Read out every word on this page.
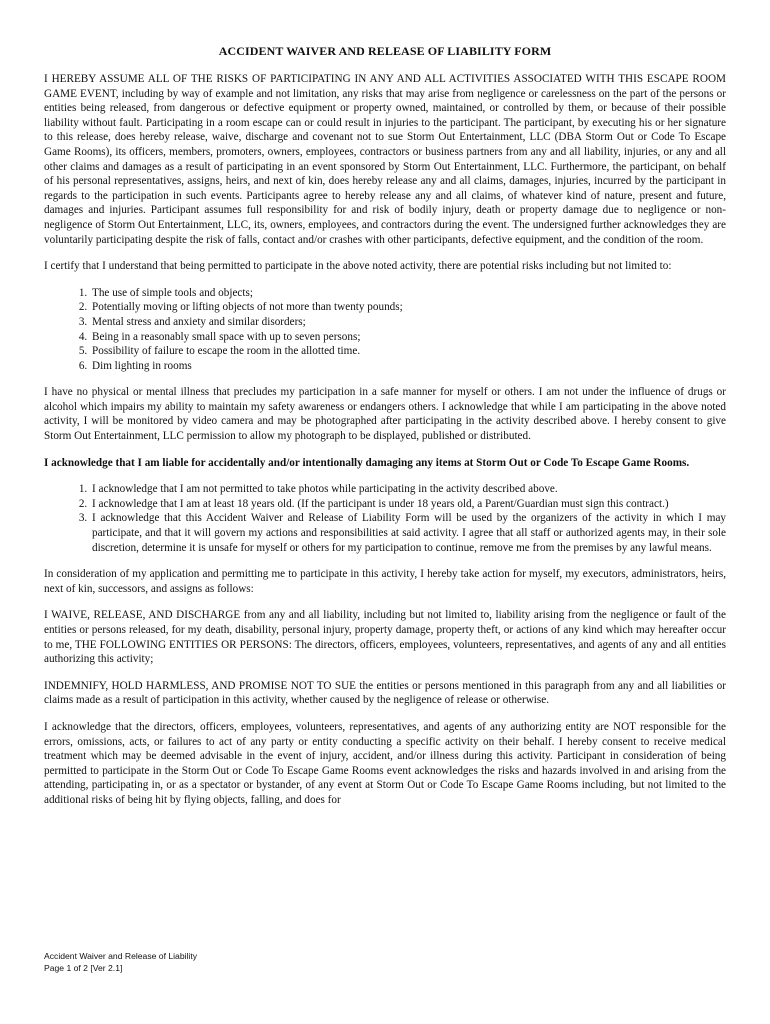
ACCIDENT WAIVER AND RELEASE OF LIABILITY FORM

I HEREBY ASSUME ALL OF THE RISKS OF PARTICIPATING IN ANY AND ALL ACTIVITIES ASSOCIATED WITH THIS ESCAPE ROOM GAME EVENT, including by way of example and not limitation, any risks that may arise from negligence or carelessness on the part of the persons or entities being released, from dangerous or defective equipment or property owned, maintained, or controlled by them, or because of their possible liability without fault. Participating in a room escape can or could result in injuries to the participant. The participant, by executing his or her signature to this release, does hereby release, waive, discharge and covenant not to sue Storm Out Entertainment, LLC (DBA Storm Out or Code To Escape Game Rooms), its officers, members, promoters, owners, employees, contractors or business partners from any and all liability, injuries, or any and all other claims and damages as a result of participating in an event sponsored by Storm Out Entertainment, LLC. Furthermore, the participant, on behalf of his personal representatives, assigns, heirs, and next of kin, does hereby release any and all claims, damages, injuries, incurred by the participant in regards to the participation in such events. Participants agree to hereby release any and all claims, of whatever kind of nature, present and future, damages and injuries. Participant assumes full responsibility for and risk of bodily injury, death or property damage due to negligence or non-negligence of Storm Out Entertainment, LLC, its, owners, employees, and contractors during the event. The undersigned further acknowledges they are voluntarily participating despite the risk of falls, contact and/or crashes with other participants, defective equipment, and the condition of the room.

I certify that I understand that being permitted to participate in the above noted activity, there are potential risks including but not limited to:

1. The use of simple tools and objects;
2. Potentially moving or lifting objects of not more than twenty pounds;
3. Mental stress and anxiety and similar disorders;
4. Being in a reasonably small space with up to seven persons;
5. Possibility of failure to escape the room in the allotted time.
6. Dim lighting in rooms

I have no physical or mental illness that precludes my participation in a safe manner for myself or others. I am not under the influence of drugs or alcohol which impairs my ability to maintain my safety awareness or endangers others. I acknowledge that while I am participating in the above noted activity, I will be monitored by video camera and may be photographed after participating in the activity described above. I hereby consent to give Storm Out Entertainment, LLC permission to allow my photograph to be displayed, published or distributed.

I acknowledge that I am liable for accidentally and/or intentionally damaging any items at Storm Out or Code To Escape Game Rooms.

1. I acknowledge that I am not permitted to take photos while participating in the activity described above.
2. I acknowledge that I am at least 18 years old. (If the participant is under 18 years old, a Parent/Guardian must sign this contract.)
3. I acknowledge that this Accident Waiver and Release of Liability Form will be used by the organizers of the activity in which I may participate, and that it will govern my actions and responsibilities at said activity. I agree that all staff or authorized agents may, in their sole discretion, determine it is unsafe for myself or others for my participation to continue, remove me from the premises by any lawful means.

In consideration of my application and permitting me to participate in this activity, I hereby take action for myself, my executors, administrators, heirs, next of kin, successors, and assigns as follows:

I WAIVE, RELEASE, AND DISCHARGE from any and all liability, including but not limited to, liability arising from the negligence or fault of the entities or persons released, for my death, disability, personal injury, property damage, property theft, or actions of any kind which may hereafter occur to me, THE FOLLOWING ENTITIES OR PERSONS: The directors, officers, employees, volunteers, representatives, and agents of any and all entities authorizing this activity;

INDEMNIFY, HOLD HARMLESS, AND PROMISE NOT TO SUE the entities or persons mentioned in this paragraph from any and all liabilities or claims made as a result of participation in this activity, whether caused by the negligence of release or otherwise.

I acknowledge that the directors, officers, employees, volunteers, representatives, and agents of any authorizing entity are NOT responsible for the errors, omissions, acts, or failures to act of any party or entity conducting a specific activity on their behalf. I hereby consent to receive medical treatment which may be deemed advisable in the event of injury, accident, and/or illness during this activity. Participant in consideration of being permitted to participate in the Storm Out or Code To Escape Game Rooms event acknowledges the risks and hazards involved in and arising from the attending, participating in, or as a spectator or bystander, of any event at Storm Out or Code To Escape Game Rooms including, but not limited to the additional risks of being hit by flying objects, falling, and does for

Accident Waiver and Release of Liability
Page 1 of 2 [Ver 2.1]
